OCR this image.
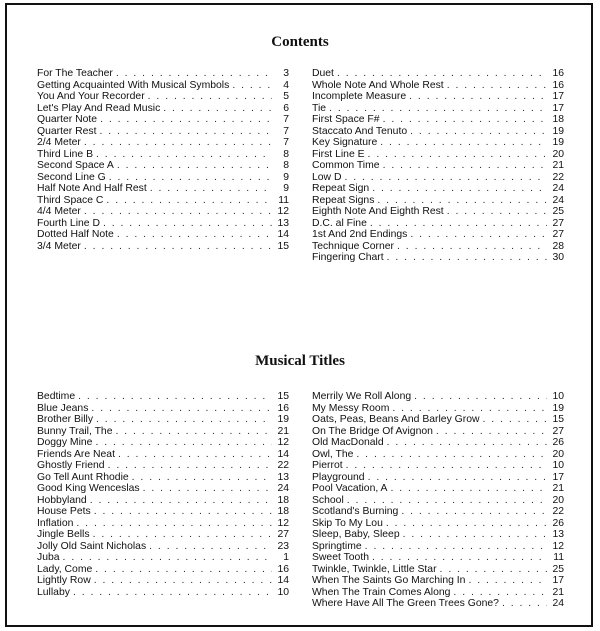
Contents
For The Teacher . . .	3
Getting Acquainted With Musical Symbols . . .	4
You And Your Recorder . . .	5
Let's Play And Read Music . . .	6
Quarter Note . . .	7
Quarter Rest . . .	7
2/4 Meter . . .	7
Third Line B . . .	8
Second Space A . . .	8
Second Line G . . .	9
Half Note And Half Rest . . .	9
Third Space C . . .	11
4/4 Meter . . .	12
Fourth Line D . . .	13
Dotted Half Note . . .	14
3/4 Meter . . .	15
Duet . . .	16
Whole Note And Whole Rest . . .	16
Incomplete Measure . . .	17
Tie . . .	17
First Space F# . . .	18
Staccato And Tenuto . . .	19
Key Signature . . .	19
First Line E . . .	20
Common Time . . .	21
Low D . . .	22
Repeat Sign . . .	24
Repeat Signs . . .	24
Eighth Note And Eighth Rest . . .	25
D.C. al Fine . . .	27
1st And 2nd Endings . . .	27
Technique Corner . . .	28
Fingering Chart . . .	30
Musical Titles
Bedtime . . .	15
Blue Jeans . . .	16
Brother Billy . . .	19
Bunny Trail, The . . .	21
Doggy Mine . . .	12
Friends Are Neat . . .	14
Ghostly Friend . . .	22
Go Tell Aunt Rhodie . . .	13
Good King Wenceslas . . .	24
Hobbyland . . .	18
House Pets . . .	18
Inflation . . .	12
Jingle Bells . . .	27
Jolly Old Saint Nicholas . . .	23
Juba . . .	1
Lady, Come . . .	16
Lightly Row . . .	14
Lullaby . . .	10
Merrily We Roll Along . . .	10
My Messy Room . . .	19
Oats, Peas, Beans And Barley Grow . . .	15
On The Bridge Of Avignon . . .	27
Old MacDonald . . .	26
Owl, The . . .	20
Pierrot . . .	10
Playground . . .	17
Pool Vacation, A . . .	21
School . . .	20
Scotland's Burning . . .	22
Skip To My Lou . . .	26
Sleep, Baby, Sleep . . .	13
Springtime . . .	12
Sweet Tooth . . .	11
Twinkle, Twinkle, Little Star . . .	25
When The Saints Go Marching In . . .	17
When The Train Comes Along . . .	21
Where Have All The Green Trees Gone? . . .	24
